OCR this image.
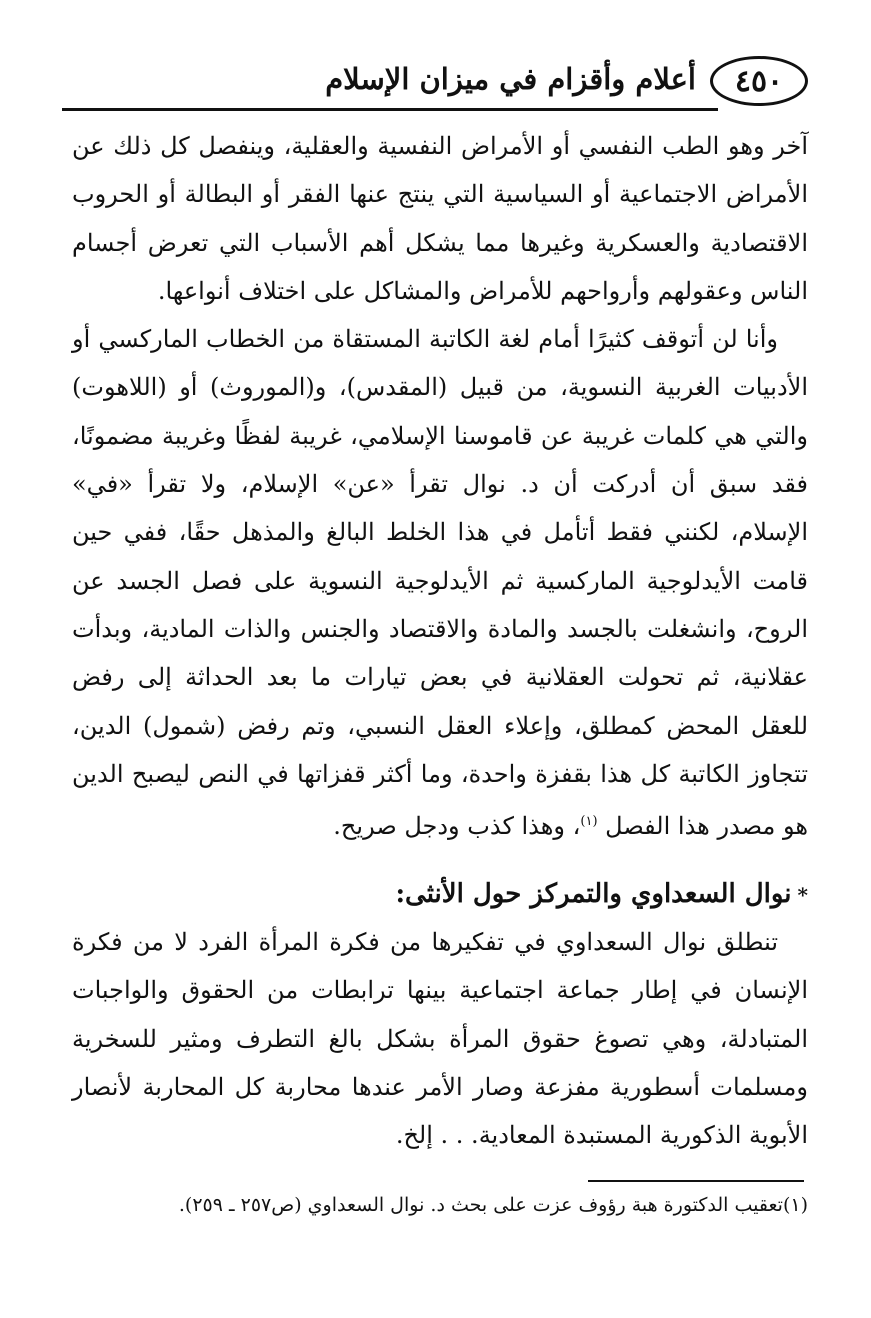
٤٥٠
أعلام وأقزام في ميزان الإسلام

آخر وهو الطب النفسي أو الأمراض النفسية والعقلية، وينفصل كل ذلك عن الأمراض الاجتماعية أو السياسية التي ينتج عنها الفقر أو البطالة أو الحروب الاقتصادية والعسكرية وغيرها مما يشكل أهم الأسباب التي تعرض أجسام الناس وعقولهم وأرواحهم للأمراض والمشاكل على اختلاف أنواعها.

وأنا لن أتوقف كثيرًا أمام لغة الكاتبة المستقاة من الخطاب الماركسي أو الأدبيات الغربية النسوية، من قبيل (المقدس)، و(الموروث) أو (اللاهوت) والتي هي كلمات غريبة عن قاموسنا الإسلامي، غريبة لفظًا وغريبة مضمونًا، فقد سبق أن أدركت أن د. نوال تقرأ «عن» الإسلام، ولا تقرأ «في» الإسلام، لكنني فقط أتأمل في هذا الخلط البالغ والمذهل حقًا، ففي حين قامت الأيدلوجية الماركسية ثم الأيدلوجية النسوية على فصل الجسد عن الروح، وانشغلت بالجسد والمادة والاقتصاد والجنس والذات المادية، وبدأت عقلانية، ثم تحولت العقلانية في بعض تيارات ما بعد الحداثة إلى رفض للعقل المحض كمطلق، وإعلاء العقل النسبي، وتم رفض (شمول) الدين، تتجاوز الكاتبة كل هذا بقفزة واحدة، وما أكثر قفزاتها في النص ليصبح الدين هو مصدر هذا الفصل $^{(١)}$، وهذا كذب ودجل صريح.

*نوال السعداوي والتمركز حول الأنثى:

تنطلق نوال السعداوي في تفكيرها من فكرة المرأة الفرد لا من فكرة الإنسان في إطار جماعة اجتماعية بينها ترابطات من الحقوق والواجبات المتبادلة، وهي تصوغ حقوق المرأة بشكل بالغ التطرف ومثير للسخرية ومسلمات أسطورية مفزعة وصار الأمر عندها محاربة كل المحاربة لأنصار الأبوية الذكورية المستبدة المعادية. . . إلخ.

(١)تعقيب الدكتورة هبة رؤوف عزت على بحث د. نوال السعداوي (ص٢٥٧ ـ ٢٥٩).
